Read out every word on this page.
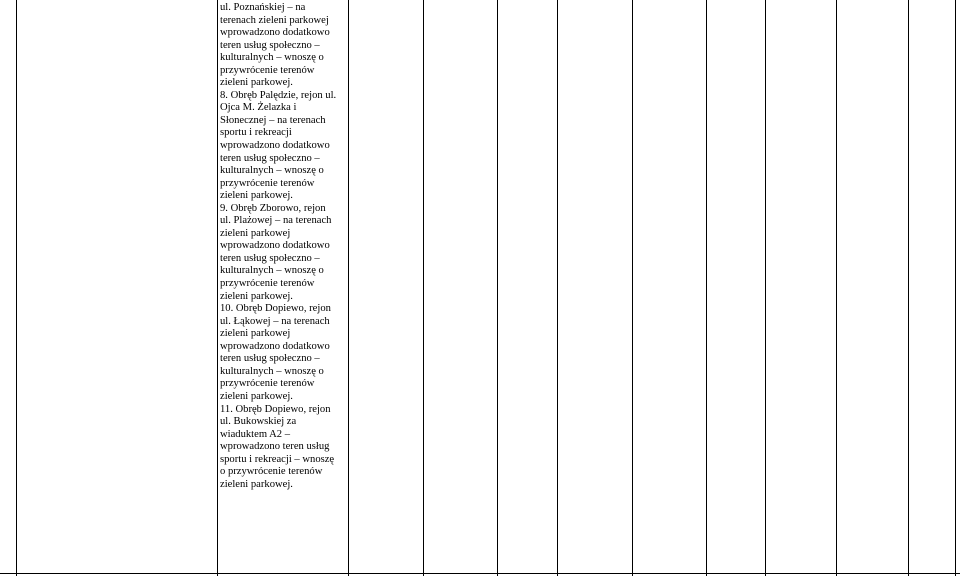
ul. Poznańskiej – na
terenach zieleni parkowej
wprowadzono dodatkowo
teren usług społeczno –
kulturalnych – wnoszę o
przywrócenie terenów
zieleni parkowej.
8. Obręb Palędzie, rejon ul.
Ojca M. Żelazka i
Słonecznej – na terenach
sportu i rekreacji
wprowadzono dodatkowo
teren usług społeczno –
kulturalnych – wnoszę o
przywrócenie terenów
zieleni parkowej.
9. Obręb Zborowo, rejon
ul. Plażowej – na terenach
zieleni parkowej
wprowadzono dodatkowo
teren usług społeczno –
kulturalnych – wnoszę o
przywrócenie terenów
zieleni parkowej.
10. Obręb Dopiewo, rejon
ul. Łąkowej – na terenach
zieleni parkowej
wprowadzono dodatkowo
teren usług społeczno –
kulturalnych – wnoszę o
przywrócenie terenów
zieleni parkowej.
11. Obręb Dopiewo, rejon
ul. Bukowskiej za
wiaduktem A2 –
wprowadzono teren usług
sportu i rekreacji – wnoszę
o przywrócenie terenów
zieleni parkowej.
